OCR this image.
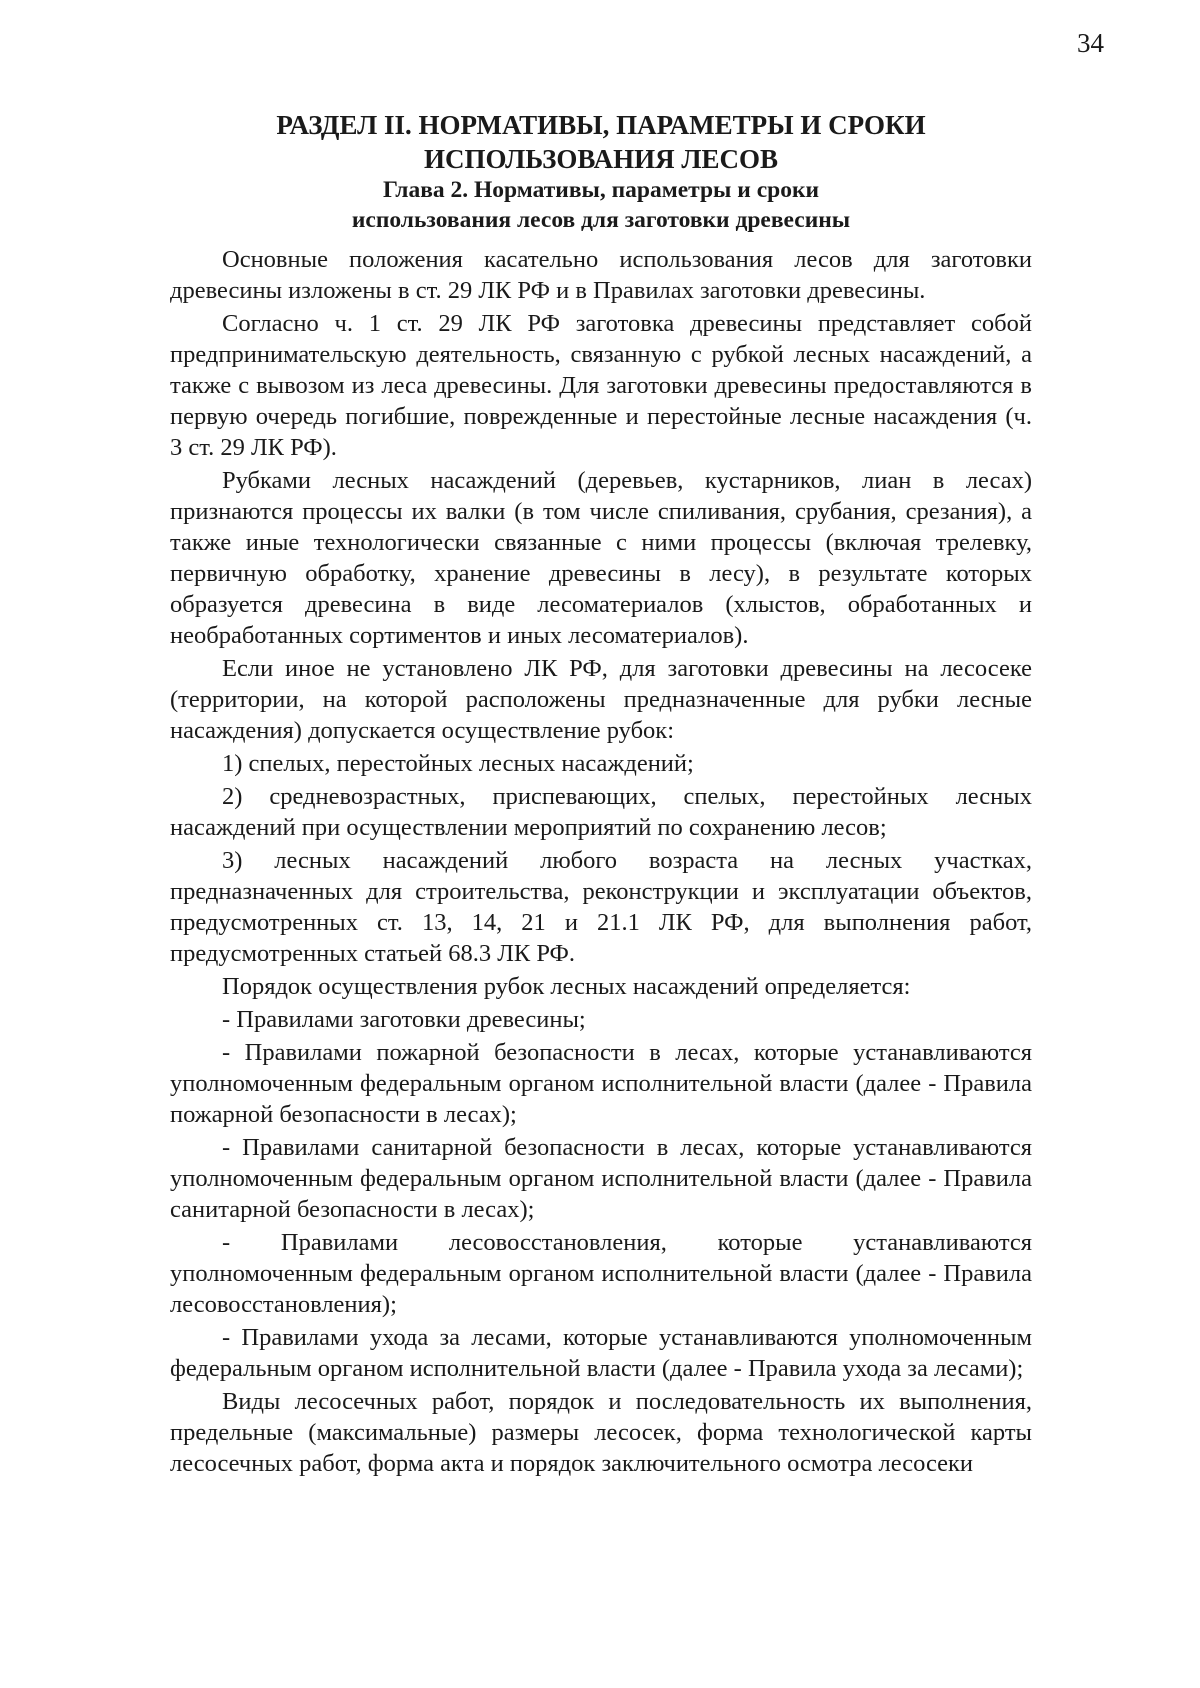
34
РАЗДЕЛ II. НОРМАТИВЫ, ПАРАМЕТРЫ И СРОКИ
ИСПОЛЬЗОВАНИЯ ЛЕСОВ
Глава 2. Нормативы, параметры и сроки
использования лесов для заготовки древесины

Основные положения касательно использования лесов для заготовки древесины изложены в ст. 29 ЛК РФ и в Правилах заготовки древесины.

Согласно ч. 1 ст. 29 ЛК РФ заготовка древесины представляет собой предпринимательскую деятельность, связанную с рубкой лесных насаждений, а также с вывозом из леса древесины. Для заготовки древесины предоставляются в первую очередь погибшие, поврежденные и перестойные лесные насаждения (ч. 3 ст. 29 ЛК РФ).

Рубками лесных насаждений (деревьев, кустарников, лиан в лесах) признаются процессы их валки (в том числе спиливания, срубания, срезания), а также иные технологически связанные с ними процессы (включая трелевку, первичную обработку, хранение древесины в лесу), в результате которых образуется древесина в виде лесоматериалов (хлыстов, обработанных и необработанных сортиментов и иных лесоматериалов).

Если иное не установлено ЛК РФ, для заготовки древесины на лесосеке (территории, на которой расположены предназначенные для рубки лесные насаждения) допускается осуществление рубок:

1) спелых, перестойных лесных насаждений;

2) средневозрастных, приспевающих, спелых, перестойных лесных насаждений при осуществлении мероприятий по сохранению лесов;

3) лесных насаждений любого возраста на лесных участках, предназначенных для строительства, реконструкции и эксплуатации объектов, предусмотренных ст. 13, 14, 21 и 21.1 ЛК РФ, для выполнения работ, предусмотренных статьей 68.3 ЛК РФ.

Порядок осуществления рубок лесных насаждений определяется:

- Правилами заготовки древесины;

- Правилами пожарной безопасности в лесах, которые устанавливаются уполномоченным федеральным органом исполнительной власти (далее - Правила пожарной безопасности в лесах);

- Правилами санитарной безопасности в лесах, которые устанавливаются уполномоченным федеральным органом исполнительной власти (далее - Правила санитарной безопасности в лесах);

- Правилами лесовосстановления, которые устанавливаются уполномоченным федеральным органом исполнительной власти (далее - Правила лесовосстановления);

- Правилами ухода за лесами, которые устанавливаются уполномоченным федеральным органом исполнительной власти (далее - Правила ухода за лесами);

Виды лесосечных работ, порядок и последовательность их выполнения, предельные (максимальные) размеры лесосек, форма технологической карты лесосечных работ, форма акта и порядок заключительного осмотра лесосеки
